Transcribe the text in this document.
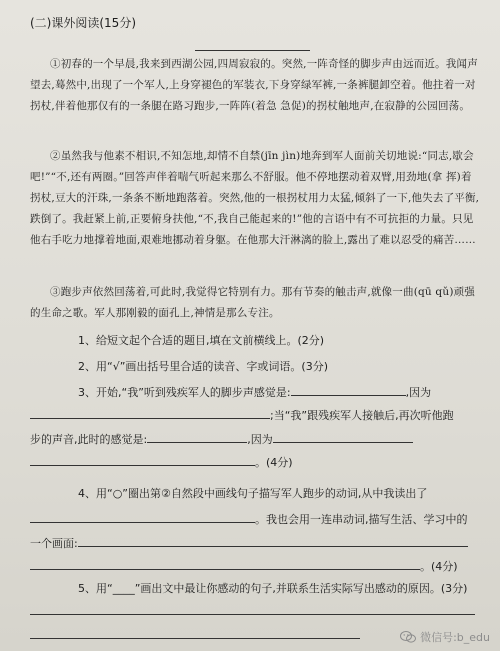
(二)课外阅读(15分)

①初春的一个早晨,我来到西湖公园,四周寂寂的。突然,一阵奇怪的脚步声由远而近。我闻声望去,蓦然中,出现了一个军人,上身穿褪色的军装衣,下身穿绿军裤,一条裤腿卸空着。他拄着一对拐杖,伴着他那仅有的一条腿在路习跑步,一阵阵(着急 急促)的拐杖触地声,在寂静的公园回荡。

②虽然我与他素不相识,不知怎地,却情不自禁(jīn jìn)地奔到军人面前关切地说:“同志,歇会吧!”“不,还有两圈。”回答声伴着喘气听起来那么不舒服。他不停地摆动着双臂,用劲地(拿 挥)着拐杖,豆大的汗珠,一条条不断地跑落着。突然,他的一根拐杖用力太猛,倾斜了一下,他失去了平衡,跌倒了。我赶紧上前,正要俯身扶他,“不,我自己能起来的!”他的言语中有不可抗拒的力量。只见他右手吃力地撑着地面,艰难地挪动着身躯。在他那大汗淋漓的脸上,露出了难以忍受的痛苦……

③跑步声依然回荡着,可此时,我觉得它特别有力。那有节奏的触击声,就像一曲(qū qǔ)顽强的生命之歌。军人那刚毅的面孔上,神情是那么专注。

1、给短文起个合适的题目,填在文前横线上。(2分)
2、用“√”画出括号里合适的读音、字或词语。(3分)
3、开始,“我”听到残疾军人的脚步声感觉是:	,因为
;当“我”跟残疾军人接触后,再次听他跑
步的声音,此时的感觉是:	,因为
。(4分)
4、用“○”圈出第②自然段中画线句子描写军人跑步的动词,从中我读出了
。我也会用一连串动词,描写生活、学习中的
一个画面:
。(4分)
5、用“____”画出文中最让你感动的句子,并联系生活实际写出感动的原因。(3分)
微信号:b_edu
